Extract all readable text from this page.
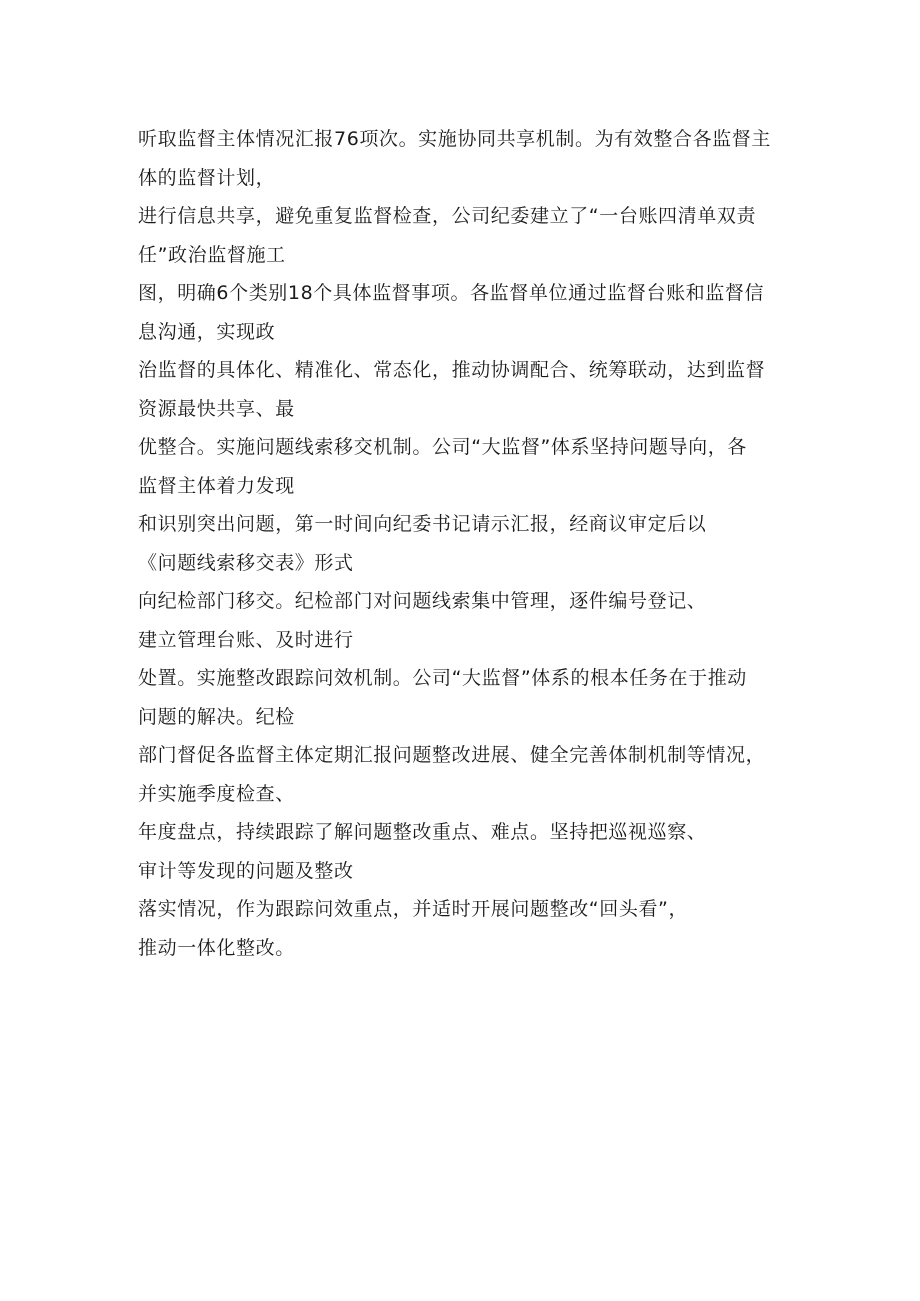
听取监督主体情况汇报76项次。实施协同共享机制。为有效整合各监督主
体的监督计划，
进行信息共享，避免重复监督检查，公司纪委建立了“一台账四清单双责
任”政治监督施工
图，明确6个类别18个具体监督事项。各监督单位通过监督台账和监督信
息沟通，实现政
治监督的具体化、精准化、常态化，推动协调配合、统筹联动，达到监督
资源最快共享、最
优整合。实施问题线索移交机制。公司“大监督”体系坚持问题导向，各
监督主体着力发现
和识别突出问题，第一时间向纪委书记请示汇报，经商议审定后以
《问题线索移交表》形式
向纪检部门移交。纪检部门对问题线索集中管理，逐件编号登记、
建立管理台账、及时进行
处置。实施整改跟踪问效机制。公司“大监督”体系的根本任务在于推动
问题的解决。纪检
部门督促各监督主体定期汇报问题整改进展、健全完善体制机制等情况，
并实施季度检查、
年度盘点，持续跟踪了解问题整改重点、难点。坚持把巡视巡察、
审计等发现的问题及整改
落实情况，作为跟踪问效重点，并适时开展问题整改“回头看”，
推动一体化整改。
